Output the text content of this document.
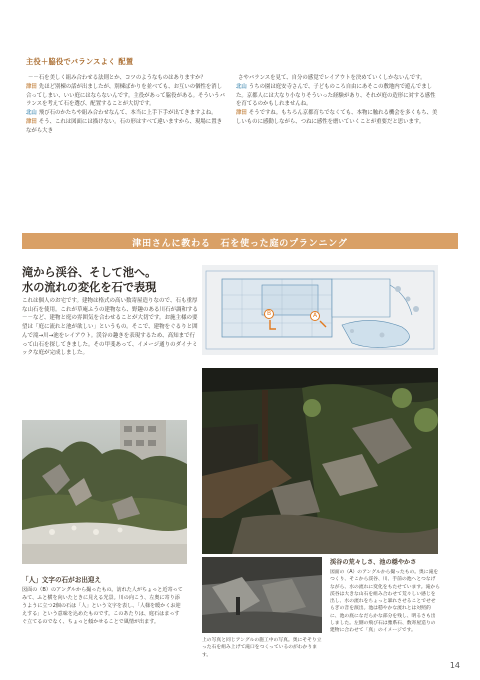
主役＋脇役でバランスよく 配置

－－石を美しく組み合わせる法則とか、コツのようなものはありますか？

津田 先ほど別棟の話が出ましたが、別棟ばかりを並べても、お互いの個性を消し合ってしまい、いい庭にはならないんです。主役があって脇役がある。そういうバランスを考えて石を選び、配置することが大切です。

北山 飛び石のかたちや組み合わせなんて、本当に上手下手が出てきますよね。

津田 そう、これは図面には描けない。石の形はすべて違いますから、現場に置きながら大き

さやバランスを見て、自分の感覚でレイアウトを決めていくしかないんです。

北山 うちの園は庭安寺さんで、子どものころ自由にあそこの敷地内で遊んでました。京都人には大なり小なりそういった経験があり、それが庭の造形に対する感性を育てるのかもしれませんね。

津田 そうですね。もちろん京都育ちでなくても、本物に触れる機会を多くもち、美しいものに感動しながら、つねに感性を磨いていくことが重要だと思います。

津田さんに教わる　石を使った庭のプランニング
滝から渓谷、そして池へ。
水の流れの変化を石で表現
これは個人のお宅です。建物は格式の高い数寄屋造りなので、石も重厚な山石を使用。これが草庵ふうの建物なら、野趣のある川石が調和する－－など、建物と庭の雰囲気を合わせることが大切です。お施主様の要望は「庭に流れと池が欲しい」というもの。そこで、建物をぐるりと囲んで滝→川→池をレイアウト。渓谷の趣きを表現するため、高知まで行って山石を探してきました。その甲斐あって、イメージ通りのダイナミックな庭が完成しました。
B	A
「人」文字の石がお出迎え
図面の（B）のアングルから撮ったもの。訪れた人がちょっと近寄ってみて、ふと横を向いたときに見える光景。川の向こう、左奥に寄り添うように立つ2個の石は「人」という文字を表し、「人様を暖かくお迎えする」という意味を込めたものです。このあたりは、庭石はまっすぐ立てるのでなく、ちょっと傾かせることで風情が出ます。
上の写真と同じアングルの施工中の写真。奥にそそり立った石を組み上げて滝口をつくっているのがわかります。
渓谷の荒々しさ、池の穏やかさ
図面の（A）のアングルから撮ったもの。奥に滝をつくり、そこから渓谷、川、手前の池へとつなげながら、水の流れに変化をもたせています。滝から渓谷は大きな山石を組み合わせて荒々しい感じを出し、水の流れをちょっと暴れさせることでせせらぎの音を演出。池は穏やかな流れとは対照的に、池の底になだらかな部分を残し、明るさも出しました。左側の飛び石は雅系石、数寄屋造りの建物に合わせて「真」のイメージです。
14
